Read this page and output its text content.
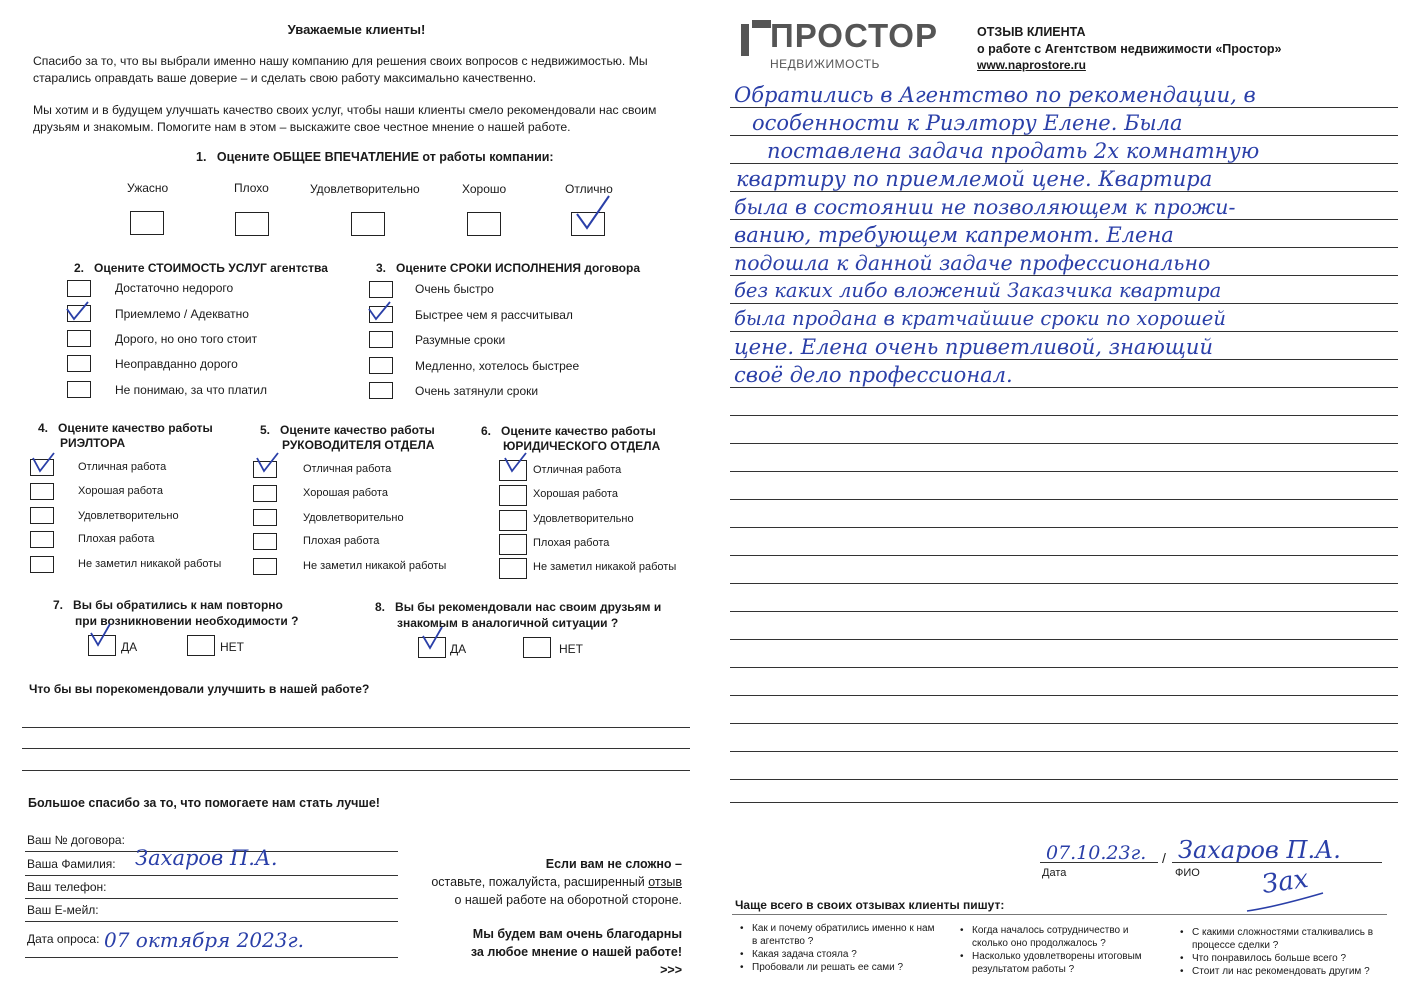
Уважаемые клиенты!
Спасибо за то, что вы выбрали именно нашу компанию для решения своих вопросов с недвижимостью. Мы старались оправдать ваше доверие – и сделать свою работу максимально качественно.
Мы хотим и в будущем улучшать качество своих услуг, чтобы наши клиенты смело рекомендовали нас своим друзьям и знакомым. Помогите нам в этом – выскажите свое честное мнение о нашей работе.
1. Оцените ОБЩЕЕ ВПЕЧАТЛЕНИЕ от работы компании:
Ужасно	Плохо	Удовлетворительно	Хорошо	Отлично
2. Оцените СТОИМОСТЬ УСЛУГ агентства
Достаточно недорого
Приемлемо / Адекватно
Дорого, но оно того стоит
Неоправданно дорого
Не понимаю, за что платил
3. Оцените СРОКИ ИСПОЛНЕНИЯ договора
Очень быстро
Быстрее чем я рассчитывал
Разумные сроки
Медленно, хотелось быстрее
Очень затянули сроки
4. Оцените качество работы
РИЭЛТОРА
Отличная работа
Хорошая работа
Удовлетворительно
Плохая работа
Не заметил никакой работы
5. Оцените качество работы
РУКОВОДИТЕЛЯ ОТДЕЛА
Отличная работа
Хорошая работа
Удовлетворительно
Плохая работа
Не заметил никакой работы
6. Оцените качество работы
ЮРИДИЧЕСКОГО ОТДЕЛА
Отличная работа
Хорошая работа
Удовлетворительно
Плохая работа
Не заметил никакой работы
7. Вы бы обратились к нам повторно
при возникновении необходимости ?
ДА	НЕТ
8. Вы бы рекомендовали нас своим друзьям и
знакомым в аналогичной ситуации ?
ДА	НЕТ
Что бы вы порекомендовали улучшить в нашей работе?
Большое спасибо за то, что помогаете нам стать лучше!
Ваш № договора:
Ваша Фамилия: Захаров П.А.
Ваш телефон:
Ваш Е-мейл:
Дата опроса: 07 октября 2023г.
Если вам не сложно –
оставьте, пожалуйста, расширенный отзыв
о нашей работе на оборотной стороне.
Мы будем вам очень благодарны
за любое мнение о нашей работе!
>>>
ПРОСТОР
НЕДВИЖИМОСТЬ
ОТЗЫВ КЛИЕНТА
о работе с Агентством недвижимости «Простор»
www.naprostore.ru
Обратились в Агентство по рекомендации, в
особенности к Риэлтору Елене. Была
поставлена задача продать 2х комнатную
квартиру по приемлемой цене. Квартира
была в состоянии не позволяющем к прожи-
ванию, требующем капремонт. Елена
подошла к данной задаче профессионально
без каких либо вложений Заказчика квартира
была продана в кратчайшие сроки по хорошей
цене. Елена очень приветливой, знающий
своё дело профессионал.
07.10.23г. /
Дата
Захаров П.А.
ФИО Зах
Чаще всего в своих отзывах клиенты пишут:
• Как и почему обратились именно к нам в агентство ?
• Какая задача стояла ?
• Пробовали ли решать ее сами ?
• Когда началось сотрудничество и сколько оно продолжалось ?
• Насколько удовлетворены итоговым результатом работы ?
• С какими сложностями сталкивались в процессе сделки ?
• Что понравилось больше всего ?
• Стоит ли нас рекомендовать другим ?
